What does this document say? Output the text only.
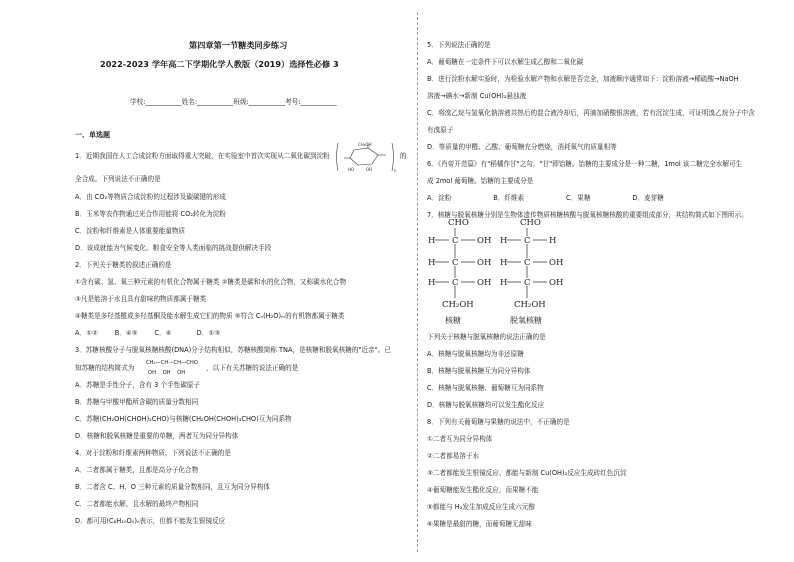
第四章第一节糖类同步练习
2022-2023 学年高二下学期化学人教版（2019）选择性必修 3
学校:___________姓名:___________班级:___________考号:___________
一、单选题
1．近期我国在人工合成淀粉方面取得重大突破，在实验室中首次实现从二氧化碳到淀粉
CH₂OH
HO	OH	n
的
全合成。下列说法不正确的是
A．由 CO₂等物质合成淀粉的过程涉及碳碳键的形成
B．玉米等农作物通过光合作用能将 CO₂转化为淀粉
C．淀粉和纤维素是人体重要能量物质
D．该成就能为气候变化、粮食安全等人类面临的挑战提供解决手段
2．下列关于糖类的叙述正确的是
①含有碳、氢、氧三种元素的有机化合物属于糖类 ②糖类是碳和水的化合物，又称碳水化合物
③凡是能溶于水且具有甜味的物质都属于糖类
④糖类是多羟基醛或多羟基酮及能水解生成它们的物质 ⑤符合 Cₙ(H₂O)ₘ的有机物都属于糖类
A．①②        B．④⑤        C．④            D．①③
3．苏糖核酸分子与脱氧核糖核酸(DNA)分子结构相似，苏糖核酸简称 TNA，是核糖和脱氧核糖的"近亲"。已
知苏糖的结构简式为
CH₂—CH—CH—CHO
OH    OH    OH
，以下有关苏糖的说法正确的是
A．苏糖是手性分子，含有 3 个手性碳原子
B．苏糖与甲酸甲酯所含碳的质量分数相同
C．苏糖(CH₂OH(CHOH)₂CHO)与核糖(CH₂OH(CHOH)₃CHO)互为同系物
D．核糖和脱氧核糖是重要的单糖，两者互为同分异构体
4．对于淀粉和纤维素两种物质，下列说法不正确的是
A．二者都属于糖类，且都是高分子化合物
B．二者含 C、H、O 三种元素的质量分数相同，且互为同分异构体
C．二者都能水解，且水解的最终产物相同
D．都可用(C₆H₁₀O₅)ₙ表示，但都不能发生银镜反应
5．下列说法正确的是
A．葡萄糖在一定条件下可以水解生成乙醇和二氧化碳
B．进行淀粉水解实验时，为检验水解产物和水解是否完全，加液顺序通常如下：淀粉溶液→稀硫酸→NaOH
溶液→碘水→新制 Cu(OH)₂悬浊液
C．将溴乙烷与氢氧化钠溶液共热后的混合液冷却后，再滴加硝酸银溶液，若有沉淀生成，可证明溴乙烷分子中含
有溴原子
D．等质量的甲醛、乙酸、葡萄糖充分燃烧，消耗氧气的质量相等
6．《肖帝开范篇》有"稻橘作甘"之句，"甘"即饴糖。饴糖的主要成分是一种二糖，1mol 该二糖完全水解可生
成 2mol 葡萄糖。饴糖的主要成分是
A．淀粉                    B．纤维素                    C．果糖                    D．麦芽糖
7．核糖与脱氧核糖分别是生物体遗传物质核糖核酸与脱氧核糖核酸的重要组成部分，其结构简式如下图所示。
CHO
H C OH
H C OH
H C OH
CH₂OH
核糖
CHO
H C H
H C OH
H C OH
CH₂OH
脱氧核糖
下列关于核糖与脱氧核糖的说法正确的是
A．核糖与脱氧核糖均为非还原糖
B．核糖与脱氧核糖互为同分异构体
C．核糖与脱氧核糖、葡萄糖互为同系物
D．核糖与脱氧核糖均可以发生酯化反应
8．下列有关葡萄糖与果糖的说法中，不正确的是
①二者互为同分异构体
②二者都易溶于水
③二者都能发生银镜反应、都能与新制 Cu(OH)₂反应生成砖红色沉淀
④葡萄糖能发生酯化反应，而果糖不能
⑤都能与 H₂发生加成反应生成六元醇
⑥果糖是最甜的糖，而葡萄糖无甜味
